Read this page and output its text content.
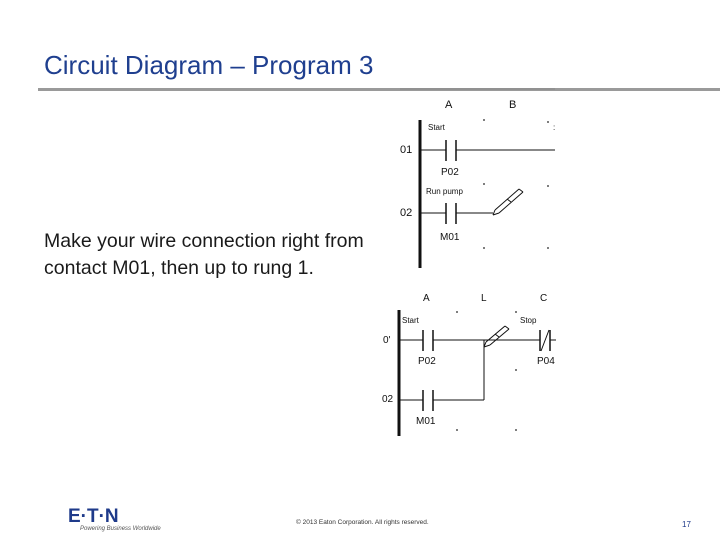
Circuit Diagram – Program 3

Make your wire connection right from contact M01, then up to rung 1.

A	B
:
01
Start
P02
Run pump
02
M01
A	L	C
Start	Stop
0'
P02	P04
02
M01
E·T·N
Powering Business Worldwide
© 2013 Eaton Corporation. All rights reserved.	17
